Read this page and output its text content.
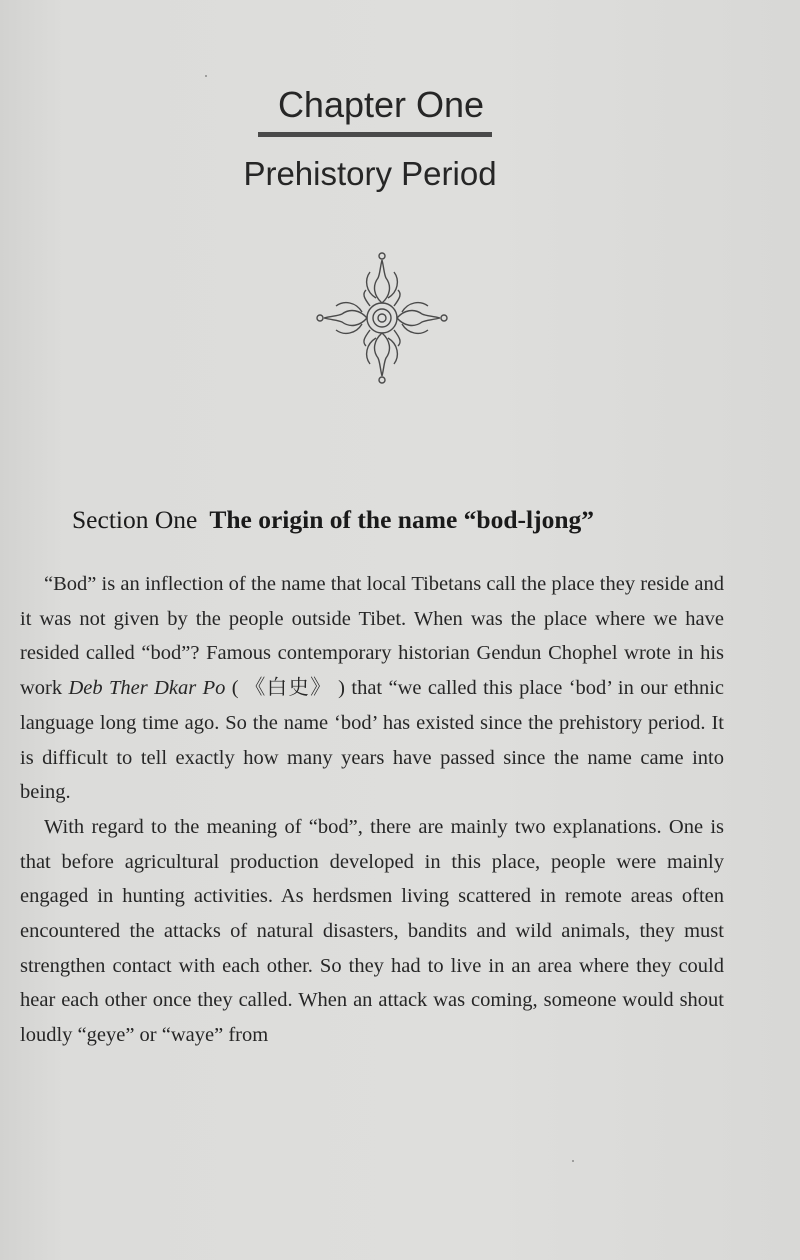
Chapter One
Prehistory Period
Section One The origin of the name “bod-ljong”

“Bod” is an inflection of the name that local Tibetans call the place they reside and it was not given by the people outside Tibet. When was the place where we have resided called “bod”? Famous contemporary historian Gendun Chophel wrote in his work Deb Ther Dkar Po ( 《白史》 ) that “we called this place ‘bod’ in our ethnic language long time ago. So the name ‘bod’ has existed since the prehistory period. It is difficult to tell exactly how many years have passed since the name came into being.

With regard to the meaning of “bod”, there are mainly two explanations. One is that before agricultural production developed in this place, people were mainly engaged in hunting activities. As herdsmen living scattered in remote areas often encountered the attacks of natural disasters, bandits and wild animals, they must strengthen contact with each other. So they had to live in an area where they could hear each other once they called. When an attack was coming, someone would shout loudly “geye” or “waye” from
